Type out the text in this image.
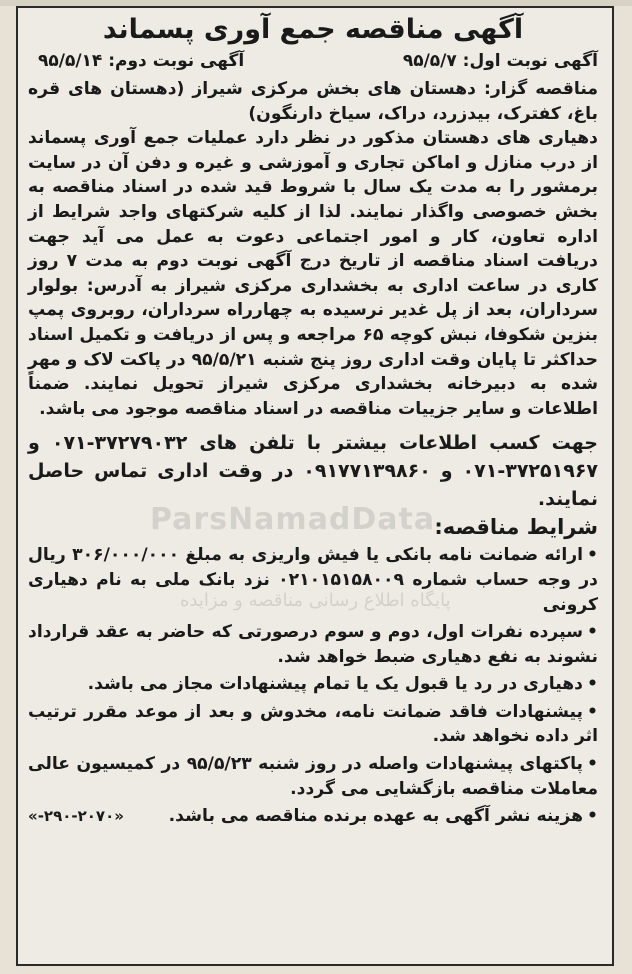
آگهی مناقصه جمع آوری پسماند
آگهی نوبت اول: ۹۵/۵/۷
آگهی نوبت دوم: ۹۵/۵/۱۴

مناقصه گزار: دهستان های بخش مرکزی شیراز (دهستان های قره باغ، کفترک، بیدزرد، دراک، سیاخ دارنگون)

دهیاری های دهستان مذکور در نظر دارد عملیات جمع آوری پسماند از درب منازل و اماکن تجاری و آموزشی و غیره و دفن آن در سایت برمشور را به مدت یک سال با شروط قید شده در اسناد مناقصه به بخش خصوصی واگذار نمایند. لذا از کلیه شرکتهای واجد شرایط از اداره تعاون، کار و امور اجتماعی دعوت به عمل می آید جهت دریافت اسناد مناقصه از تاریخ درج آگهی نوبت دوم به مدت ۷ روز کاری در ساعت اداری به بخشداری مرکزی شیراز به آدرس: بولوار سرداران، بعد از پل غدیر نرسیده به چهارراه سرداران، روبروی پمپ بنزین شکوفا، نبش کوچه ۶۵ مراجعه و پس از دریافت و تکمیل اسناد حداکثر تا پایان وقت اداری روز پنج شنبه ۹۵/۵/۲۱ در پاکت لاک و مهر شده به دبیرخانه بخشداری مرکزی شیراز تحویل نمایند. ضمناً اطلاعات و سایر جزییات مناقصه در اسناد مناقصه موجود می باشد.

جهت کسب اطلاعات بیشتر با تلفن های ۳۷۲۷۹۰۳۲-۰۷۱ و ۳۷۲۵۱۹۶۷-۰۷۱ و ۰۹۱۷۷۱۳۹۸۶۰ در وقت اداری تماس حاصل نمایند.
شرایط مناقصه:
•ارائه ضمانت نامه بانکی یا فیش واریزی به مبلغ ۳۰۶/۰۰۰/۰۰۰ ریال در وجه حساب شماره ۰۲۱۰۱۵۱۵۸۰۰۹ نزد بانک ملی به نام دهیاری کرونی
•سپرده نفرات اول، دوم و سوم درصورتی که حاضر به عقد قرارداد نشوند به نفع دهیاری ضبط خواهد شد.
•دهیاری در رد یا قبول یک یا تمام پیشنهادات مجاز می باشد.
•پیشنهادات فاقد ضمانت نامه، مخدوش و بعد از موعد مقرر ترتیب اثر داده نخواهد شد.
•پاکتهای پیشنهادات واصله در روز شنبه ۹۵/۵/۲۳ در کمیسیون عالی معاملات مناقصه بازگشایی می گردد.
•هزینه نشر آگهی به عهده برنده مناقصه می باشد.
«۲۹۰-۲۰۷۰-»
ParsNamadData
پایگاه اطلاع رسانی مناقصه و مزایده
